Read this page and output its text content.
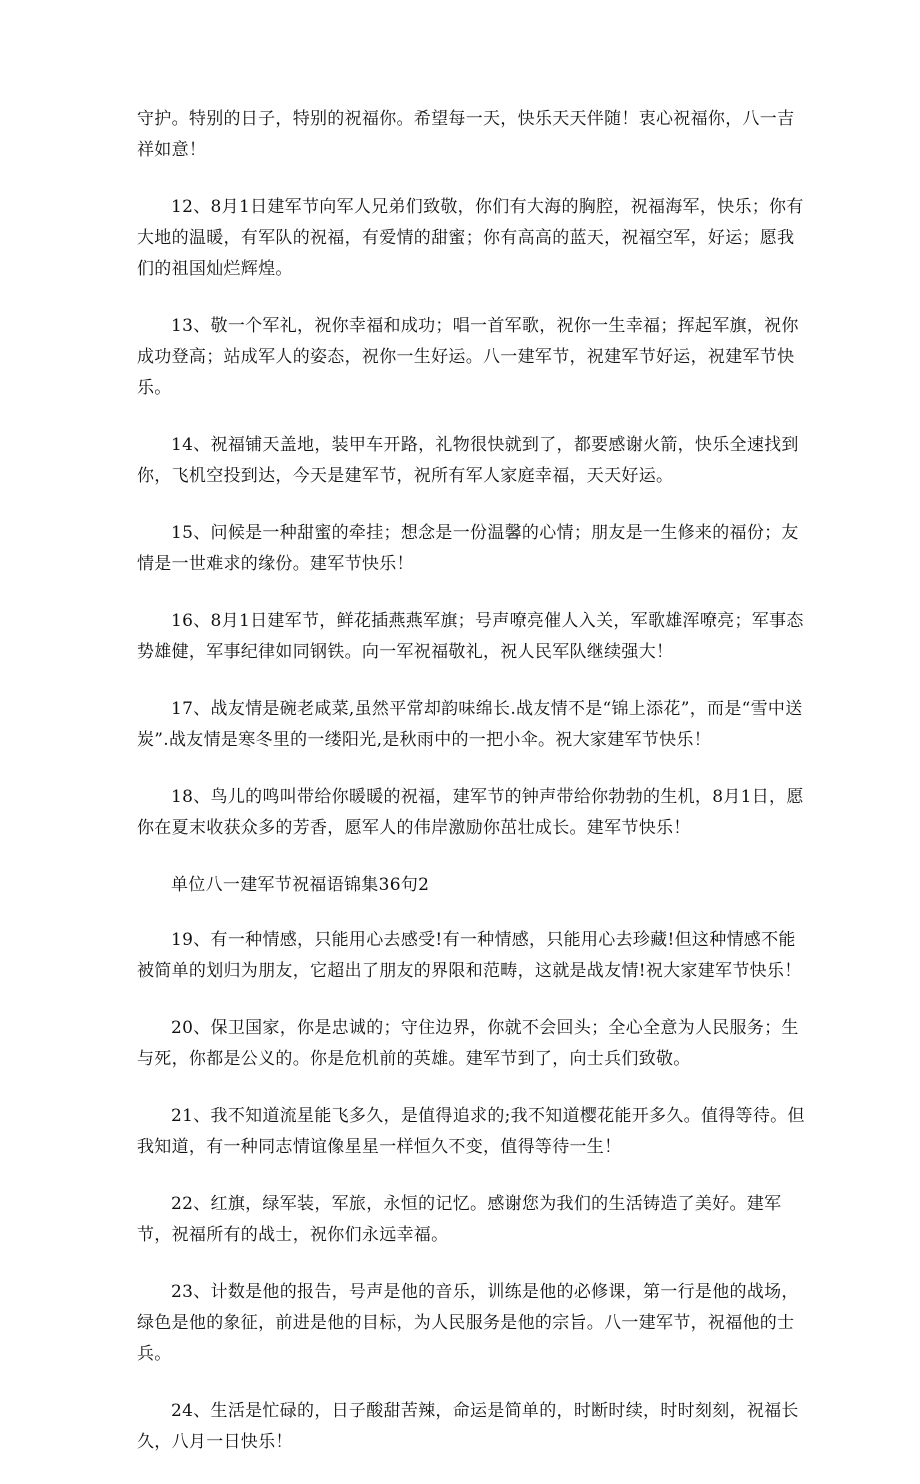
守护。特别的日子，特别的祝福你。希望每一天，快乐天天伴随！衷心祝福你，八一吉祥如意！

12、8月1日建军节向军人兄弟们致敬，你们有大海的胸腔，祝福海军，快乐；你有大地的温暖，有军队的祝福，有爱情的甜蜜；你有高高的蓝天，祝福空军，好运；愿我们的祖国灿烂辉煌。

13、敬一个军礼，祝你幸福和成功；唱一首军歌，祝你一生幸福；挥起军旗，祝你成功登高；站成军人的姿态，祝你一生好运。八一建军节，祝建军节好运，祝建军节快乐。

14、祝福铺天盖地，装甲车开路，礼物很快就到了，都要感谢火箭，快乐全速找到你，飞机空投到达，今天是建军节，祝所有军人家庭幸福，天天好运。

15、问候是一种甜蜜的牵挂；想念是一份温馨的心情；朋友是一生修来的福份；友情是一世难求的缘份。建军节快乐！

16、8月1日建军节，鲜花插燕燕军旗；号声嘹亮催人入关，军歌雄浑嘹亮；军事态势雄健，军事纪律如同钢铁。向一军祝福敬礼，祝人民军队继续强大！

17、战友情是碗老咸菜,虽然平常却韵味绵长.战友情不是“锦上添花”，而是“雪中送炭”.战友情是寒冬里的一缕阳光,是秋雨中的一把小伞。祝大家建军节快乐！

18、鸟儿的鸣叫带给你暖暖的祝福，建军节的钟声带给你勃勃的生机，8月1日，愿你在夏末收获众多的芳香，愿军人的伟岸激励你茁壮成长。建军节快乐！

单位八一建军节祝福语锦集36句2

19、有一种情感，只能用心去感受!有一种情感，只能用心去珍藏!但这种情感不能被简单的划归为朋友，它超出了朋友的界限和范畴，这就是战友情!祝大家建军节快乐！

20、保卫国家，你是忠诚的；守住边界，你就不会回头；全心全意为人民服务；生与死，你都是公义的。你是危机前的英雄。建军节到了，向士兵们致敬。

21、我不知道流星能飞多久，是值得追求的;我不知道樱花能开多久。值得等待。但我知道，有一种同志情谊像星星一样恒久不变，值得等待一生！

22、红旗，绿军装，军旅，永恒的记忆。感谢您为我们的生活铸造了美好。建军节，祝福所有的战士，祝你们永远幸福。

23、计数是他的报告，号声是他的音乐，训练是他的必修课，第一行是他的战场，绿色是他的象征，前进是他的目标，为人民服务是他的宗旨。八一建军节，祝福他的士兵。

24、生活是忙碌的，日子酸甜苦辣，命运是简单的，时断时续，时时刻刻，祝福长久，八月一日快乐！
